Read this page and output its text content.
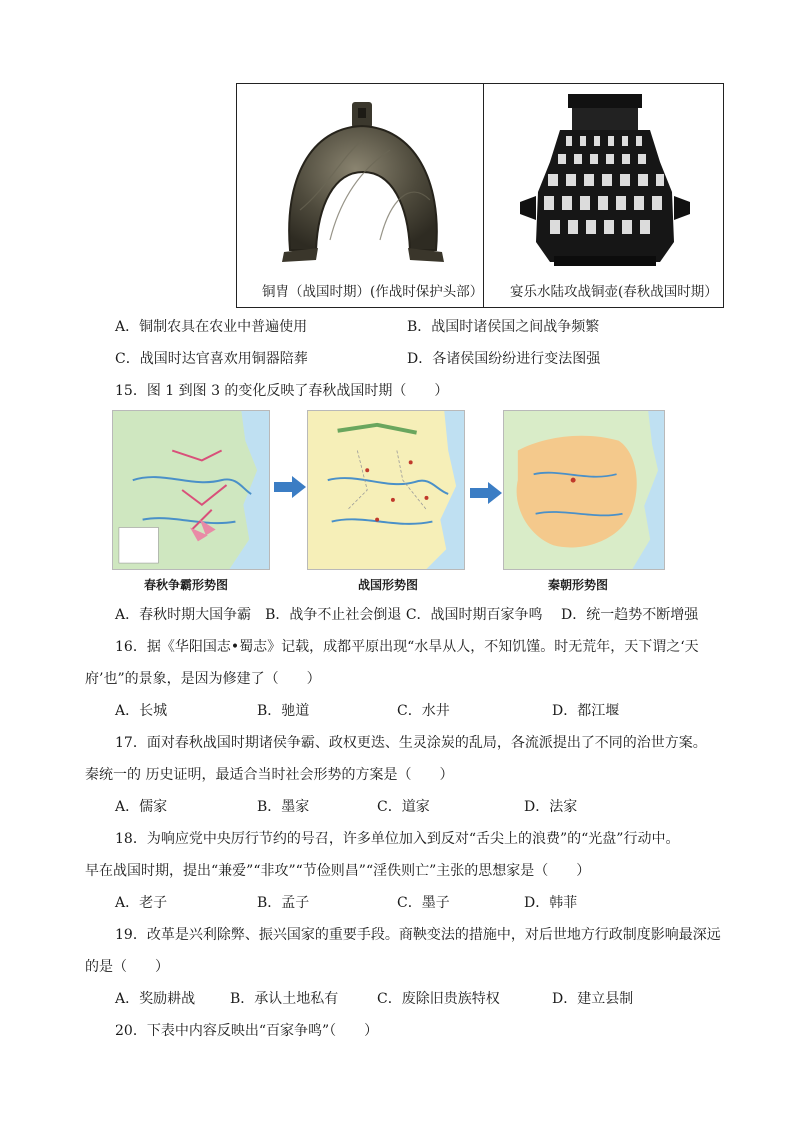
铜胄（战国时期）(作战时保护头部） 宴乐水陆攻战铜壶(春秋战国时期）
A．铜制农具在农业中普遍使用	B．战国时诸侯国之间战争频繁
C．战国时达官喜欢用铜器陪葬	D．各诸侯国纷纷进行变法图强
15．图 1 到图 3 的变化反映了春秋战国时期（　　）
春秋争霸形势图	战国形势图	秦朝形势图
A．春秋时期大国争霸　B．战争不止社会倒退 C．战国时期百家争鸣　 D．统一趋势不断增强
16．据《华阳国志•蜀志》记载，成都平原出现“水旱从人，不知饥馑。时无荒年，天下谓之‘天
府’也”的景象，是因为修建了（　　）
A．长城	B．驰道	C．水井	D．都江堰
17．面对春秋战国时期诸侯争霸、政权更迭、生灵涂炭的乱局，各流派提出了不同的治世方案。
秦统一的 历史证明，最适合当时社会形势的方案是（　　）
A．儒家	B．墨家	C．道家	D．法家
18．为响应党中央厉行节约的号召，许多单位加入到反对“舌尖上的浪费”的“光盘”行动中。
早在战国时期，提出“兼爱”“非攻”“节俭则昌”“淫佚则亡”主张的思想家是（　　）
A．老子	B．孟子	C．墨子	D．韩菲
19．改革是兴利除弊、振兴国家的重要手段。商鞅变法的措施中，对后世地方行政制度影响最深远
的是（　　）
A．奖励耕战 B．承认土地私有	C．废除旧贵族特权	D．建立县制
20．下表中内容反映出“百家争鸣”（　　）
